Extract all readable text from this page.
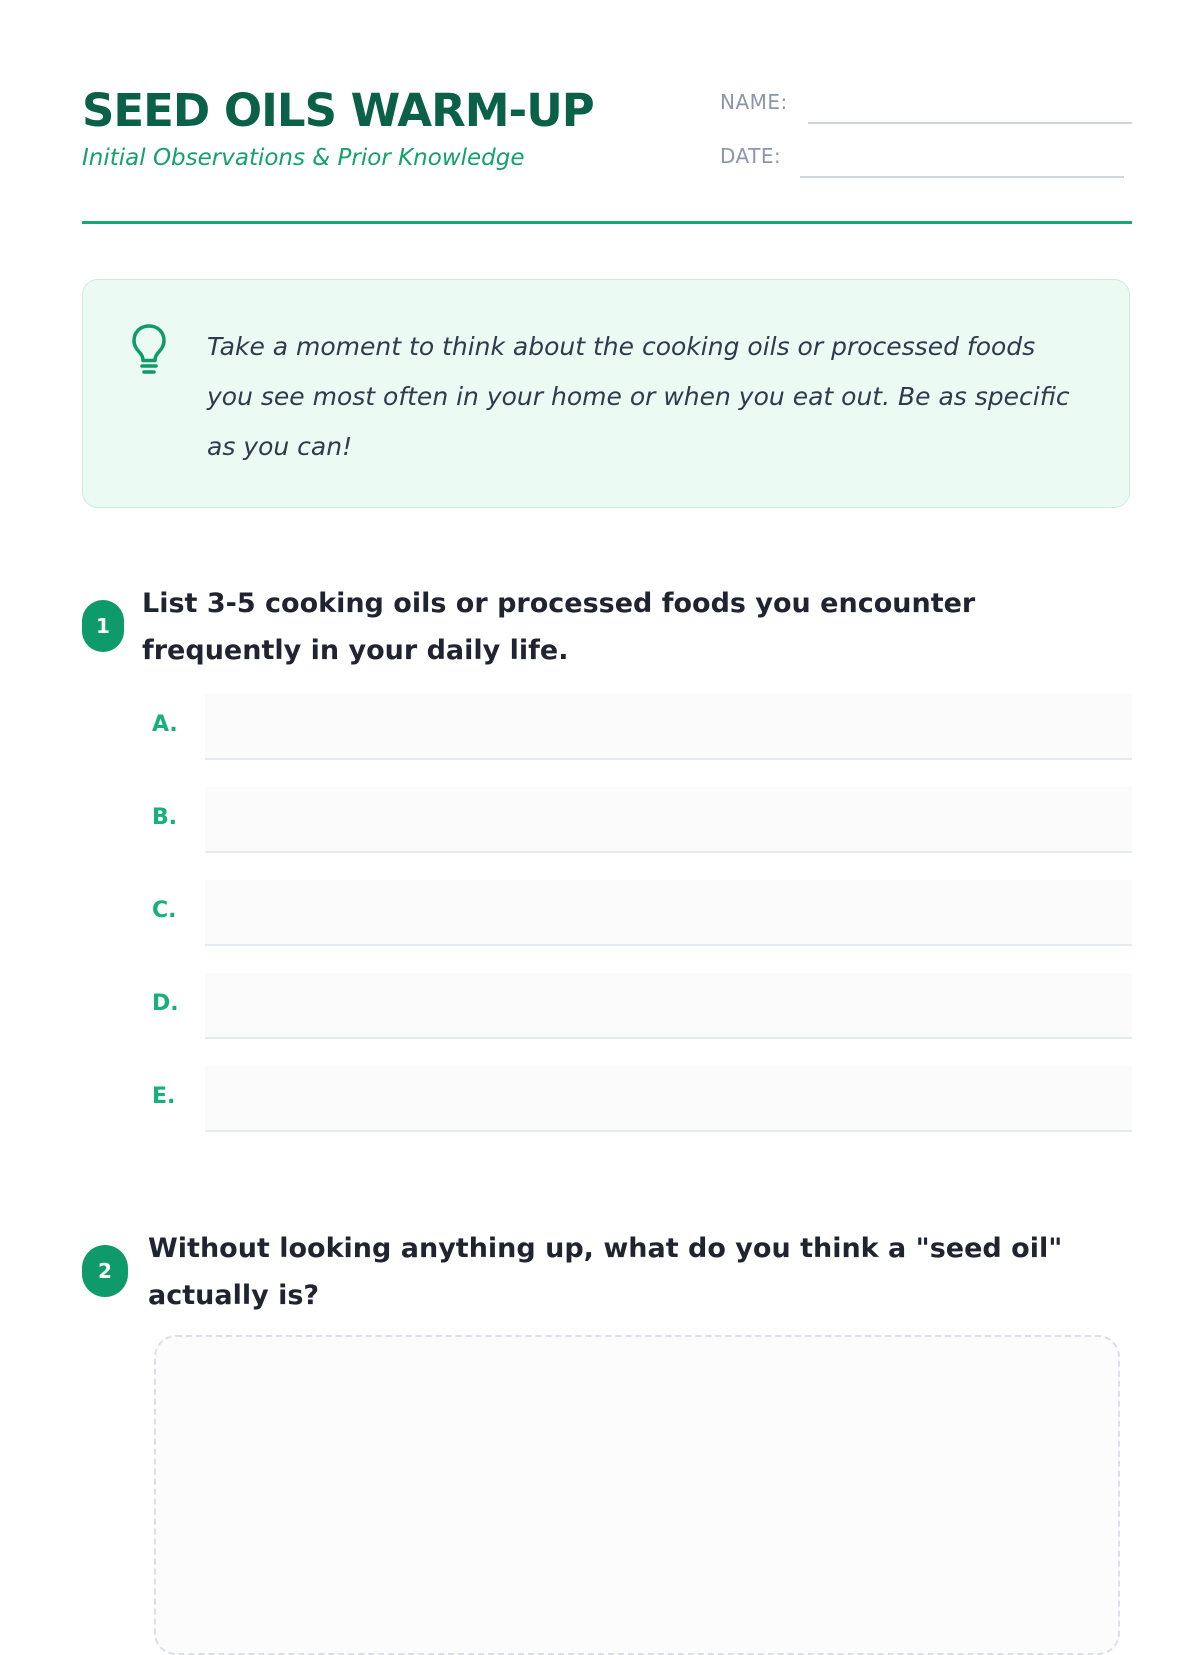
SEED OILS WARM-UP

Initial Observations & Prior Knowledge

NAME:
DATE:

Take a moment to think about the cooking oils or processed foods you see most often in your home or when you eat out. Be as specific as you can!

1

List 3-5 cooking oils or processed foods you encounter frequently in your daily life.

A.
B.
C.
D.
E.
2

Without looking anything up, what do you think a "seed oil" actually is?
